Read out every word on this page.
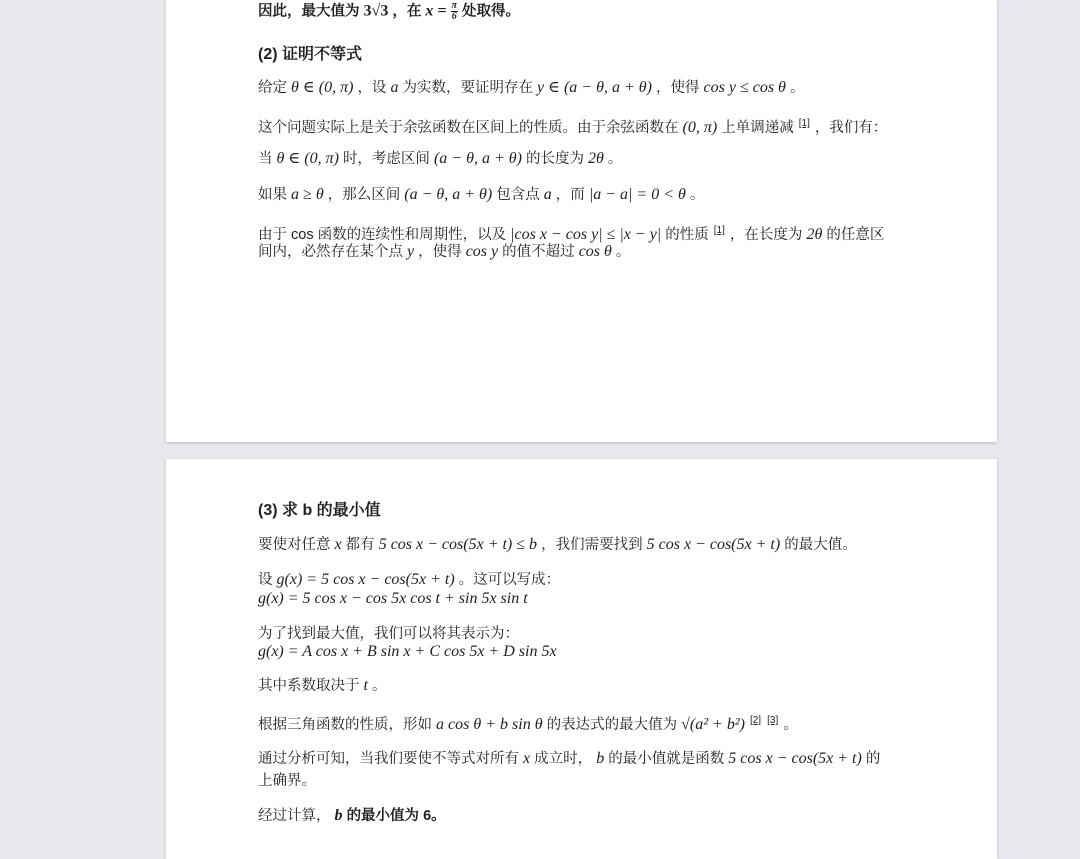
因此，最大值为 3√3 ，在 $x = \frac{\pi}{6}$ 处取得。
(2) 证明不等式
给定 θ ∈ (0, π) ，设 a 为实数，要证明存在 y ∈ (a − θ, a + θ) ，使得 cos y ≤ cos θ 。
这个问题实际上是关于余弦函数在区间上的性质。由于余弦函数在 (0, π) 上单调递减 [1] ，我们有：
当 θ ∈ (0, π) 时，考虑区间 (a − θ, a + θ) 的长度为 2θ 。
如果 a ≥ θ ，那么区间 (a − θ, a + θ) 包含点 a ，而 |a − a| = 0 < θ 。
由于 cos 函数的连续性和周期性，以及 |cos x − cos y| ≤ |x − y| 的性质 [1] ，在长度为 2θ 的任意区
间内，必然存在某个点 y ，使得 cos y 的值不超过 cos θ 。
(3) 求 b 的最小值
要使对任意 x 都有 5 cos x − cos(5x + t) ≤ b ，我们需要找到 5 cos x − cos(5x + t) 的最大值。
设 g(x) = 5 cos x − cos(5x + t) 。这可以写成：
g(x) = 5 cos x − cos 5x cos t + sin 5x sin t
为了找到最大值，我们可以将其表示为：
g(x) = A cos x + B sin x + C cos 5x + D sin 5x
其中系数取决于 t 。
根据三角函数的性质，形如 a cos θ + b sin θ 的表达式的最大值为 √(a² + b²) [2] [3] 。
通过分析可知，当我们要使不等式对所有 x 成立时， b 的最小值就是函数 5 cos x − cos(5x + t) 的
上确界。
经过计算， b 的最小值为 6。
